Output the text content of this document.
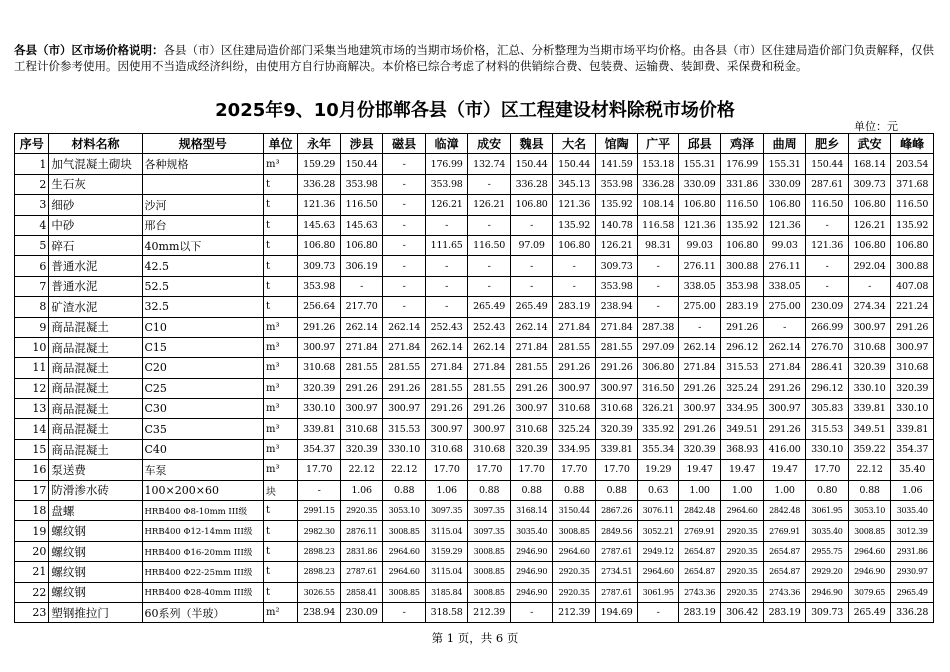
各县（市）区市场价格说明：各县（市）区住建局造价部门采集当地建筑市场的当期市场价格，汇总、分析整理为当期市场平均价格。由各县（市）区住建局造价部门负责解释，仅供工程计价参考使用。因使用不当造成经济纠纷，由使用方自行协商解决。本价格已综合考虑了材料的供销综合费、包装费、运输费、装卸费、采保费和税金。
2025年9、10月份邯郸各县（市）区工程建设材料除税市场价格
单位：元
序号	材料名称	规格型号	单位	永年	涉县	磁县	临漳	成安	魏县	大名	馆陶	广平	邱县	鸡泽	曲周	肥乡	武安	峰峰
1	加气混凝土砌块	各种规格	m³	159.29	150.44	-	176.99	132.74	150.44	150.44	141.59	153.18	155.31	176.99	155.31	150.44	168.14	203.54
2	生石灰		t	336.28	353.98	-	353.98	-	336.28	345.13	353.98	336.28	330.09	331.86	330.09	287.61	309.73	371.68
3	细砂	沙河	t	121.36	116.50	-	126.21	126.21	106.80	121.36	135.92	108.14	106.80	116.50	106.80	116.50	106.80	116.50
4	中砂	邢台	t	145.63	145.63	-	-	-	-	135.92	140.78	116.58	121.36	135.92	121.36	-	126.21	135.92
5	碎石	40mm以下	t	106.80	106.80	-	111.65	116.50	97.09	106.80	126.21	98.31	99.03	106.80	99.03	121.36	106.80	106.80
6	普通水泥	42.5	t	309.73	306.19	-	-	-	-	-	309.73	-	276.11	300.88	276.11	-	292.04	300.88
7	普通水泥	52.5	t	353.98	-	-	-	-	-	-	353.98	-	338.05	353.98	338.05	-	-	407.08
8	矿渣水泥	32.5	t	256.64	217.70	-	-	265.49	265.49	283.19	238.94	-	275.00	283.19	275.00	230.09	274.34	221.24
9	商品混凝土	C10	m³	291.26	262.14	262.14	252.43	252.43	262.14	271.84	271.84	287.38	-	291.26	-	266.99	300.97	291.26
10	商品混凝土	C15	m³	300.97	271.84	271.84	262.14	262.14	271.84	281.55	281.55	297.09	262.14	296.12	262.14	276.70	310.68	300.97
11	商品混凝土	C20	m³	310.68	281.55	281.55	271.84	271.84	281.55	291.26	291.26	306.80	271.84	315.53	271.84	286.41	320.39	310.68
12	商品混凝土	C25	m³	320.39	291.26	291.26	281.55	281.55	291.26	300.97	300.97	316.50	291.26	325.24	291.26	296.12	330.10	320.39
13	商品混凝土	C30	m³	330.10	300.97	300.97	291.26	291.26	300.97	310.68	310.68	326.21	300.97	334.95	300.97	305.83	339.81	330.10
14	商品混凝土	C35	m³	339.81	310.68	315.53	300.97	300.97	310.68	325.24	320.39	335.92	291.26	349.51	291.26	315.53	349.51	339.81
15	商品混凝土	C40	m³	354.37	320.39	330.10	310.68	310.68	320.39	334.95	339.81	355.34	320.39	368.93	416.00	330.10	359.22	354.37
16	泵送费	车泵	m³	17.70	22.12	22.12	17.70	17.70	17.70	17.70	17.70	19.29	19.47	19.47	19.47	17.70	22.12	35.40
17	防滑渗水砖	100×200×60	块	-	1.06	0.88	1.06	0.88	0.88	0.88	0.88	0.63	1.00	1.00	1.00	0.80	0.88	1.06
18	盘螺	HRB400 Φ8-10mm III级	t	2991.15	2920.35	3053.10	3097.35	3097.35	3168.14	3150.44	2867.26	3076.11	2842.48	2964.60	2842.48	3061.95	3053.10	3035.40
19	螺纹钢	HRB400 Φ12-14mm III级	t	2982.30	2876.11	3008.85	3115.04	3097.35	3035.40	3008.85	2849.56	3052.21	2769.91	2920.35	2769.91	3035.40	3008.85	3012.39
20	螺纹钢	HRB400 Φ16-20mm III级	t	2898.23	2831.86	2964.60	3159.29	3008.85	2946.90	2964.60	2787.61	2949.12	2654.87	2920.35	2654.87	2955.75	2964.60	2931.86
21	螺纹钢	HRB400 Φ22-25mm III级	t	2898.23	2787.61	2964.60	3115.04	3008.85	2946.90	2920.35	2734.51	2964.60	2654.87	2920.35	2654.87	2929.20	2946.90	2930.97
22	螺纹钢	HRB400 Φ28-40mm III级	t	3026.55	2858.41	3008.85	3185.84	3008.85	2946.90	2920.35	2787.61	3061.95	2743.36	2920.35	2743.36	2946.90	3079.65	2965.49
23	塑钢推拉门	60系列（半玻）	m²	238.94	230.09	-	318.58	212.39	-	212.39	194.69	-	283.19	306.42	283.19	309.73	265.49	336.28
第 1 页，共 6 页
